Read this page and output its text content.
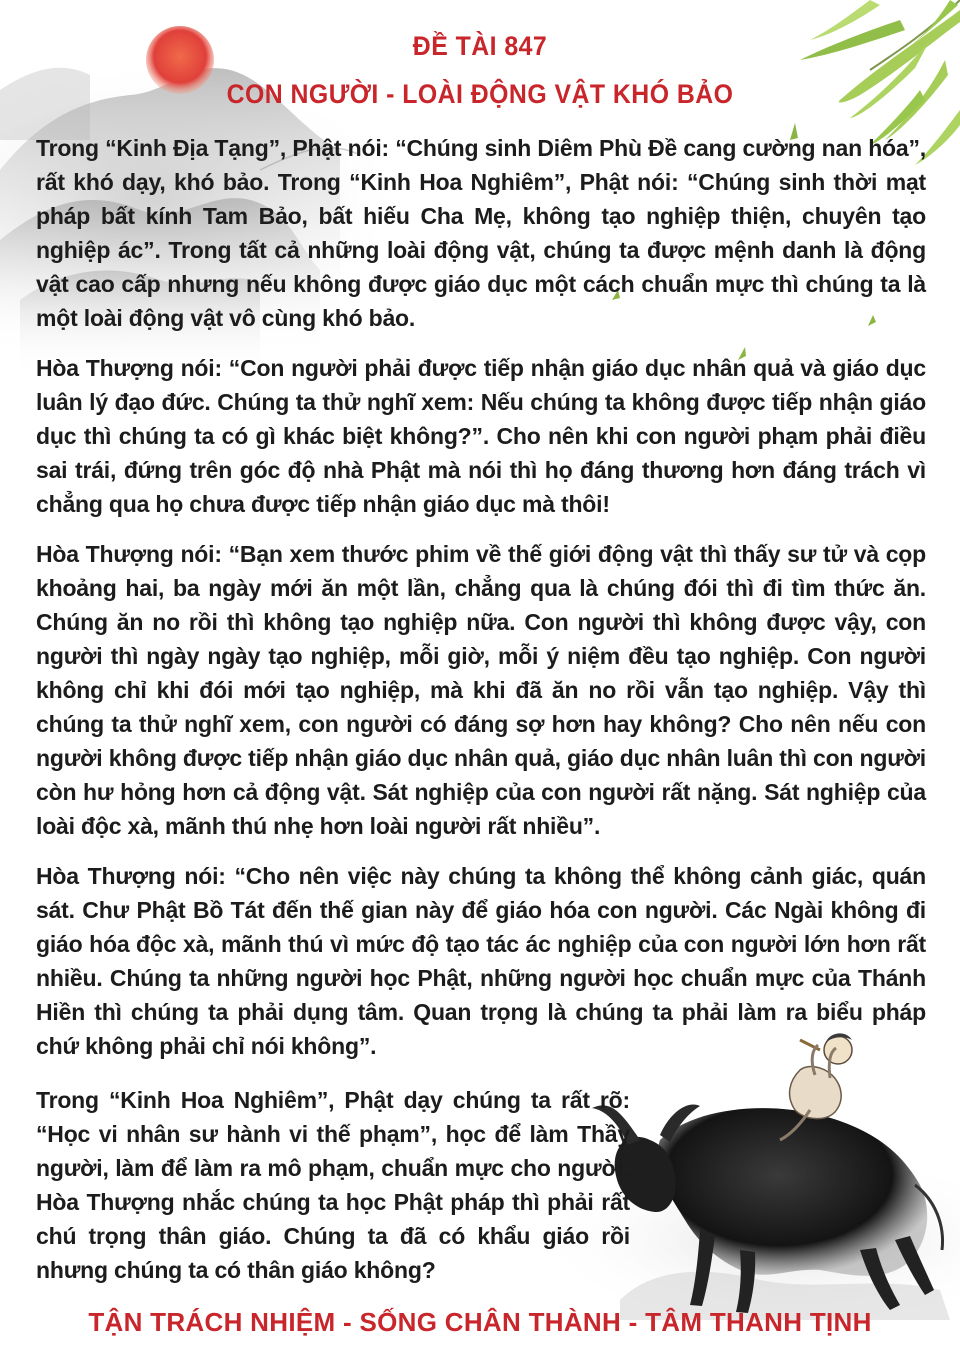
ĐỀ TÀI 847
CON NGƯỜI - LOÀI ĐỘNG VẬT KHÓ BẢO

Trong “Kinh Địa Tạng”, Phật nói: “Chúng sinh Diêm Phù Đề cang cường nan hóa”, rất khó dạy, khó bảo. Trong “Kinh Hoa Nghiêm”, Phật nói: “Chúng sinh thời mạt pháp bất kính Tam Bảo, bất hiếu Cha Mẹ, không tạo nghiệp thiện, chuyên tạo nghiệp ác”. Trong tất cả những loài động vật, chúng ta được mệnh danh là động vật cao cấp nhưng nếu không được giáo dục một cách chuẩn mực thì chúng ta là một loài động vật vô cùng khó bảo.

Hòa Thượng nói: “Con người phải được tiếp nhận giáo dục nhân quả và giáo dục luân lý đạo đức. Chúng ta thử nghĩ xem: Nếu chúng ta không được tiếp nhận giáo dục thì chúng ta có gì khác biệt không?”. Cho nên khi con người phạm phải điều sai trái, đứng trên góc độ nhà Phật mà nói thì họ đáng thương hơn đáng trách vì chẳng qua họ chưa được tiếp nhận giáo dục mà thôi!

Hòa Thượng nói: “Bạn xem thước phim về thế giới động vật thì thấy sư tử và cọp khoảng hai, ba ngày mới ăn một lần, chẳng qua là chúng đói thì đi tìm thức ăn. Chúng ăn no rồi thì không tạo nghiệp nữa. Con người thì không được vậy, con người thì ngày ngày tạo nghiệp, mỗi giờ, mỗi ý niệm đều tạo nghiệp. Con người không chỉ khi đói mới tạo nghiệp, mà khi đã ăn no rồi vẫn tạo nghiệp. Vậy thì chúng ta thử nghĩ xem, con người có đáng sợ hơn hay không? Cho nên nếu con người không được tiếp nhận giáo dục nhân quả, giáo dục nhân luân thì con người còn hư hỏng hơn cả động vật. Sát nghiệp của con người rất nặng. Sát nghiệp của loài độc xà, mãnh thú nhẹ hơn loài người rất nhiều”.

Hòa Thượng nói: “Cho nên việc này chúng ta không thể không cảnh giác, quán sát. Chư Phật Bồ Tát đến thế gian này để giáo hóa con người. Các Ngài không đi giáo hóa độc xà, mãnh thú vì mức độ tạo tác ác nghiệp của con người lớn hơn rất nhiều. Chúng ta những người học Phật, những người học chuẩn mực của Thánh Hiền thì chúng ta phải dụng tâm. Quan trọng là chúng ta phải làm ra biểu pháp chứ không phải chỉ nói không”.

Trong “Kinh Hoa Nghiêm”, Phật dạy chúng ta rất rõ: “Học vi nhân sư hành vi thế phạm”, học để làm Thầy người, làm để làm ra mô phạm, chuẩn mực cho người. Hòa Thượng nhắc chúng ta học Phật pháp thì phải rất chú trọng thân giáo. Chúng ta đã có khẩu giáo rồi nhưng chúng ta có thân giáo không?

TẬN TRÁCH NHIỆM - SỐNG CHÂN THÀNH - TÂM THANH TỊNH
